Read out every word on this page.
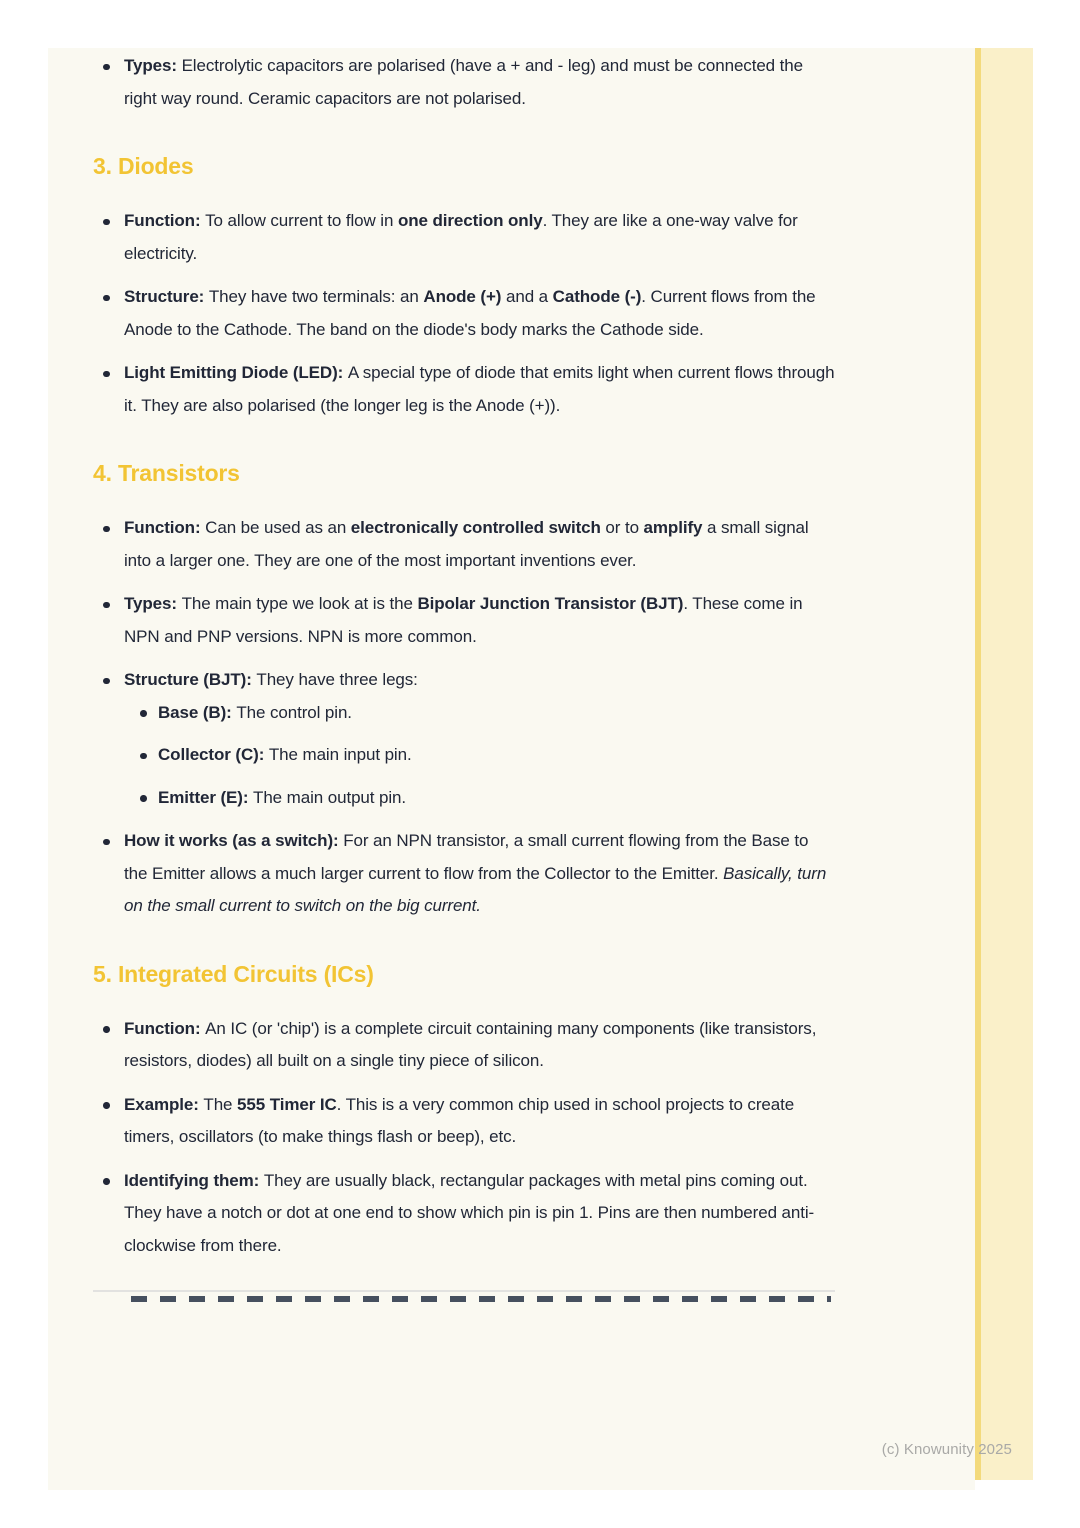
Types: Electrolytic capacitors are polarised (have a + and - leg) and must be connected the right way round. Ceramic capacitors are not polarised.
3. Diodes
Function: To allow current to flow in one direction only. They are like a one-way valve for electricity.
Structure: They have two terminals: an Anode (+) and a Cathode (-). Current flows from the Anode to the Cathode. The band on the diode's body marks the Cathode side.
Light Emitting Diode (LED): A special type of diode that emits light when current flows through it. They are also polarised (the longer leg is the Anode (+)).
4. Transistors
Function: Can be used as an electronically controlled switch or to amplify a small signal into a larger one. They are one of the most important inventions ever.
Types: The main type we look at is the Bipolar Junction Transistor (BJT). These come in NPN and PNP versions. NPN is more common.
Structure (BJT): They have three legs:
Base (B): The control pin.
Collector (C): The main input pin.
Emitter (E): The main output pin.
How it works (as a switch): For an NPN transistor, a small current flowing from the Base to the Emitter allows a much larger current to flow from the Collector to the Emitter. Basically, turn on the small current to switch on the big current.
5. Integrated Circuits (ICs)
Function: An IC (or 'chip') is a complete circuit containing many components (like transistors, resistors, diodes) all built on a single tiny piece of silicon.
Example: The 555 Timer IC. This is a very common chip used in school projects to create timers, oscillators (to make things flash or beep), etc.
Identifying them: They are usually black, rectangular packages with metal pins coming out. They have a notch or dot at one end to show which pin is pin 1. Pins are then numbered anti-clockwise from there.
(c) Knowunity 2025
